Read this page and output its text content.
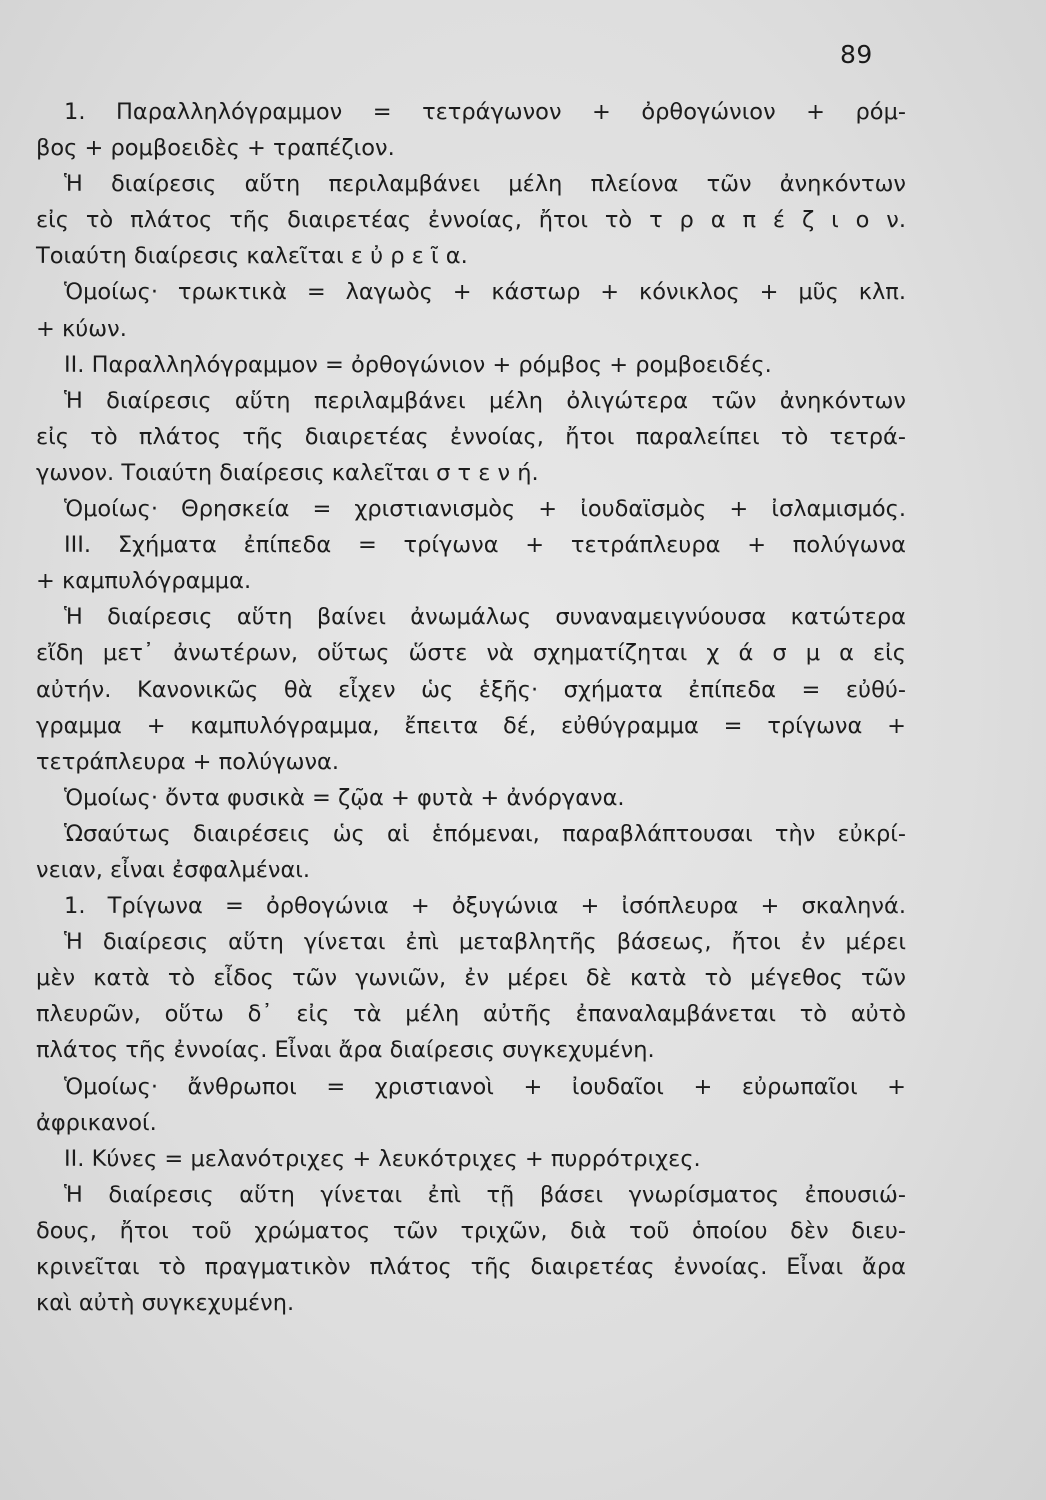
89
1. Παραλληλόγραμμον = τετράγωνον + ὀρθογώνιον + ρόμ-
βος + ρομβοειδὲς + τραπέζιον.
Ἡ διαίρεσις αὕτη περιλαμβάνει μέλη πλείονα τῶν ἀνηκόντων
εἰς τὸ πλάτος τῆς διαιρετέας ἐννοίας, ἤτοι τὸ τ ρ α π έ ζ ι ο ν.
Τοιαύτη διαίρεσις καλεῖται ε ὐ ρ ε ῖ α.
Ὁμοίως· τρωκτικὰ = λαγωὸς + κάστωρ + κόνικλος + μῦς κλπ.
+ κύων.
ΙΙ. Παραλληλόγραμμον = ὀρθογώνιον + ρόμβος + ρομβοειδές.
Ἡ διαίρεσις αὕτη περιλαμβάνει μέλη ὀλιγώτερα τῶν ἀνηκόντων
εἰς τὸ πλάτος τῆς διαιρετέας ἐννοίας, ἤτοι παραλείπει τὸ τετρά-
γωνον. Τοιαύτη διαίρεσις καλεῖται σ τ ε ν ή.
Ὁμοίως· Θρησκεία = χριστιανισμὸς + ἰουδαϊσμὸς + ἰσλαμισμός.
ΙΙΙ. Σχήματα ἐπίπεδα = τρίγωνα + τετράπλευρα + πολύγωνα
+ καμπυλόγραμμα.
Ἡ διαίρεσις αὕτη βαίνει ἀνωμάλως συναναμειγνύουσα κατώτερα
εἴδη μετ᾽ ἀνωτέρων, οὕτως ὥστε νὰ σχηματίζηται χ ά σ μ α εἰς
αὐτήν. Κανονικῶς θὰ εἶχεν ὡς ἑξῆς· σχήματα ἐπίπεδα = εὐθύ-
γραμμα + καμπυλόγραμμα, ἔπειτα δέ, εὐθύγραμμα = τρίγωνα +
τετράπλευρα + πολύγωνα.
Ὁμοίως· ὄντα φυσικὰ = ζῷα + φυτὰ + ἀνόργανα.
Ὡσαύτως διαιρέσεις ὡς αἱ ἑπόμεναι, παραβλάπτουσαι τὴν εὐκρί-
νειαν, εἶναι ἐσφαλμέναι.
1. Τρίγωνα = ὀρθογώνια + ὀξυγώνια + ἰσόπλευρα + σκαληνά.
Ἡ διαίρεσις αὕτη γίνεται ἐπὶ μεταβλητῆς βάσεως, ἤτοι ἐν μέρει
μὲν κατὰ τὸ εἶδος τῶν γωνιῶν, ἐν μέρει δὲ κατὰ τὸ μέγεθος τῶν
πλευρῶν, οὕτω δ᾽ εἰς τὰ μέλη αὐτῆς ἐπαναλαμβάνεται τὸ αὐτὸ
πλάτος τῆς ἐννοίας. Εἶναι ἄρα διαίρεσις συγκεχυμένη.
Ὁμοίως· ἄνθρωποι = χριστιανοὶ + ἰουδαῖοι + εὐρωπαῖοι +
ἀφρικανοί.
ΙΙ. Κύνες = μελανότριχες + λευκότριχες + πυρρότριχες.
Ἡ διαίρεσις αὕτη γίνεται ἐπὶ τῇ βάσει γνωρίσματος ἐπουσιώ-
δους, ἤτοι τοῦ χρώματος τῶν τριχῶν, διὰ τοῦ ὁποίου δὲν διευ-
κρινεῖται τὸ πραγματικὸν πλάτος τῆς διαιρετέας ἐννοίας. Εἶναι ἄρα
καὶ αὐτὴ συγκεχυμένη.
